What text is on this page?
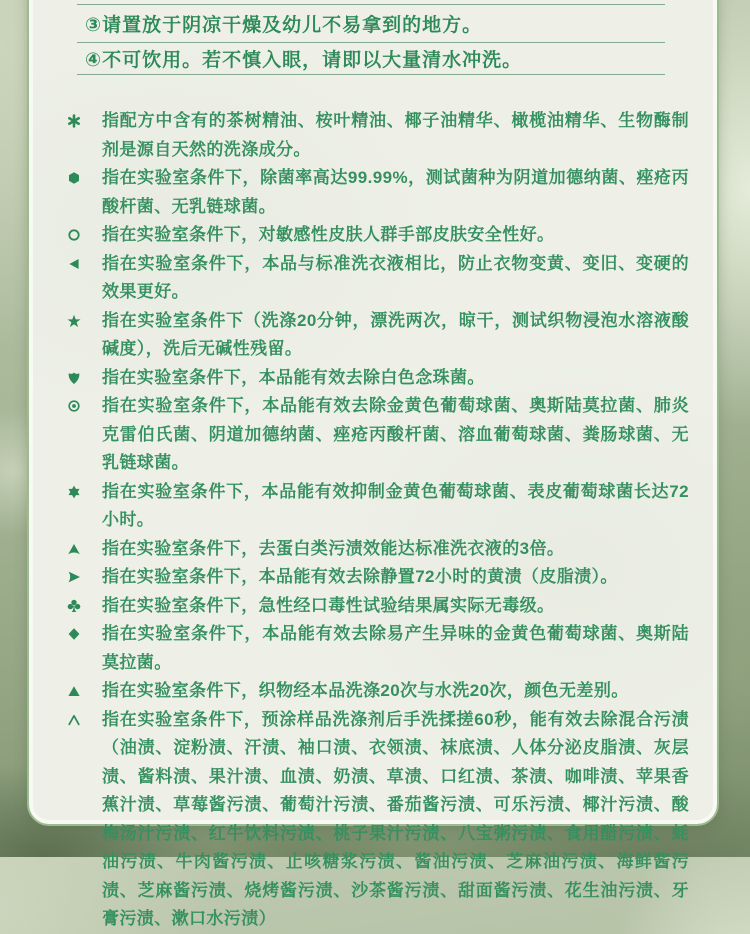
③请置放于阴凉干燥及幼儿不易拿到的地方。
④不可饮用。若不慎入眼，请即以大量清水冲洗。

指配方中含有的茶树精油、桉叶精油、椰子油精华、橄榄油精华、生物酶制剂是源自天然的洗涤成分。

指在实验室条件下，除菌率高达99.99%，测试菌种为阴道加德纳菌、痤疮丙酸杆菌、无乳链球菌。

指在实验室条件下，对敏感性皮肤人群手部皮肤安全性好。

指在实验室条件下，本品与标准洗衣液相比，防止衣物变黄、变旧、变硬的效果更好。

指在实验室条件下（洗涤20分钟，漂洗两次，晾干，测试织物浸泡水溶液酸碱度），洗后无碱性残留。

指在实验室条件下，本品能有效去除白色念珠菌。

指在实验室条件下，本品能有效去除金黄色葡萄球菌、奥斯陆莫拉菌、肺炎克雷伯氏菌、阴道加德纳菌、痤疮丙酸杆菌、溶血葡萄球菌、粪肠球菌、无乳链球菌。

指在实验室条件下，本品能有效抑制金黄色葡萄球菌、表皮葡萄球菌长达72小时。

指在实验室条件下，去蛋白类污渍效能达标准洗衣液的3倍。

指在实验室条件下，本品能有效去除静置72小时的黄渍（皮脂渍）。

指在实验室条件下，急性经口毒性试验结果属实际无毒级。

指在实验室条件下，本品能有效去除易产生异味的金黄色葡萄球菌、奥斯陆莫拉菌。

指在实验室条件下，织物经本品洗涤20次与水洗20次，颜色无差别。

指在实验室条件下，预涂样品洗涤剂后手洗揉搓60秒，能有效去除混合污渍（油渍、淀粉渍、汗渍、袖口渍、衣领渍、袜底渍、人体分泌皮脂渍、灰层渍、酱料渍、果汁渍、血渍、奶渍、草渍、口红渍、茶渍、咖啡渍、苹果香蕉汁渍、草莓酱污渍、葡萄汁污渍、番茄酱污渍、可乐污渍、椰汁污渍、酸梅汤汁污渍、红牛饮料污渍、桃子果汁污渍、八宝粥污渍、食用醋污渍、蚝油污渍、牛肉酱污渍、止咳糖浆污渍、酱油污渍、芝麻油污渍、海鲜酱污渍、芝麻酱污渍、烧烤酱污渍、沙茶酱污渍、甜面酱污渍、花生油污渍、牙膏污渍、漱口水污渍）
